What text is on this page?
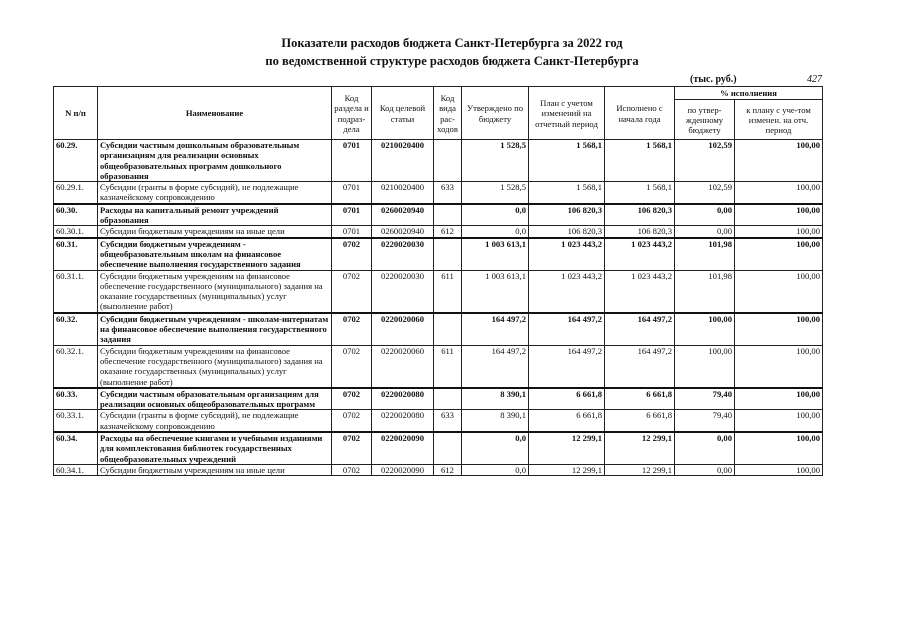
Показатели расходов бюджета Санкт-Петербурга за 2022 год
по ведомственной структуре расходов бюджета Санкт-Петербурга
(тыс. руб.)	427
N п/п	Наименование	Код раздела и подраз-дела	Код целевой статьи	Код вида рас-ходов	Утверждено по бюджету	План с учетом изменений на отчетный период	Исполнено с начала года	% исполнения	
								по утвер-жденному бюджету	к плану с уче-том изменен. на отч. период
60.29.	Субсидии частным дошкольным образовательным организациям для реализации основных общеобразовательных программ дошкольного образования	0701	0210020400		1 528,5	1 568,1	1 568,1	102,59	100,00
60.29.1.	Субсидии (гранты в форме субсидий), не подлежащие казначейскому сопровождению	0701	0210020400	633	1 528,5	1 568,1	1 568,1	102,59	100,00
60.30.	Расходы на капитальный ремонт учреждений образования	0701	0260020940		0,0	106 820,3	106 820,3	0,00	100,00
60.30.1.	Субсидии бюджетным учреждениям на иные цели	0701	0260020940	612	0,0	106 820,3	106 820,3	0,00	100,00
60.31.	Субсидии бюджетным учреждениям - общеобразовательным школам на финансовое обеспечение выполнения государственного задания	0702	0220020030		1 003 613,1	1 023 443,2	1 023 443,2	101,98	100,00
60.31.1.	Субсидии бюджетным учреждениям на финансовое обеспечение государственного (муниципального) задания на оказание государственных (муниципальных) услуг (выполнение работ)	0702	0220020030	611	1 003 613,1	1 023 443,2	1 023 443,2	101,98	100,00
60.32.	Субсидии бюджетным учреждениям - школам-интернатам на финансовое обеспечение выполнения государственного задания	0702	0220020060		164 497,2	164 497,2	164 497,2	100,00	100,00
60.32.1.	Субсидии бюджетным учреждениям на финансовое обеспечение государственного (муниципального) задания на оказание государственных (муниципальных) услуг (выполнение работ)	0702	0220020060	611	164 497,2	164 497,2	164 497,2	100,00	100,00
60.33.	Субсидии частным образовательным организациям для реализации основных общеобразовательных программ	0702	0220020080		8 390,1	6 661,8	6 661,8	79,40	100,00
60.33.1.	Субсидии (гранты в форме субсидий), не подлежащие казначейскому сопровождению	0702	0220020080	633	8 390,1	6 661,8	6 661,8	79,40	100,00
60.34.	Расходы на обеспечение книгами и учебными изданиями для комплектования библиотек государственных общеобразовательных учреждений	0702	0220020090		0,0	12 299,1	12 299,1	0,00	100,00
60.34.1.	Субсидии бюджетным учреждениям на иные цели	0702	0220020090	612	0,0	12 299,1	12 299,1	0,00	100,00
